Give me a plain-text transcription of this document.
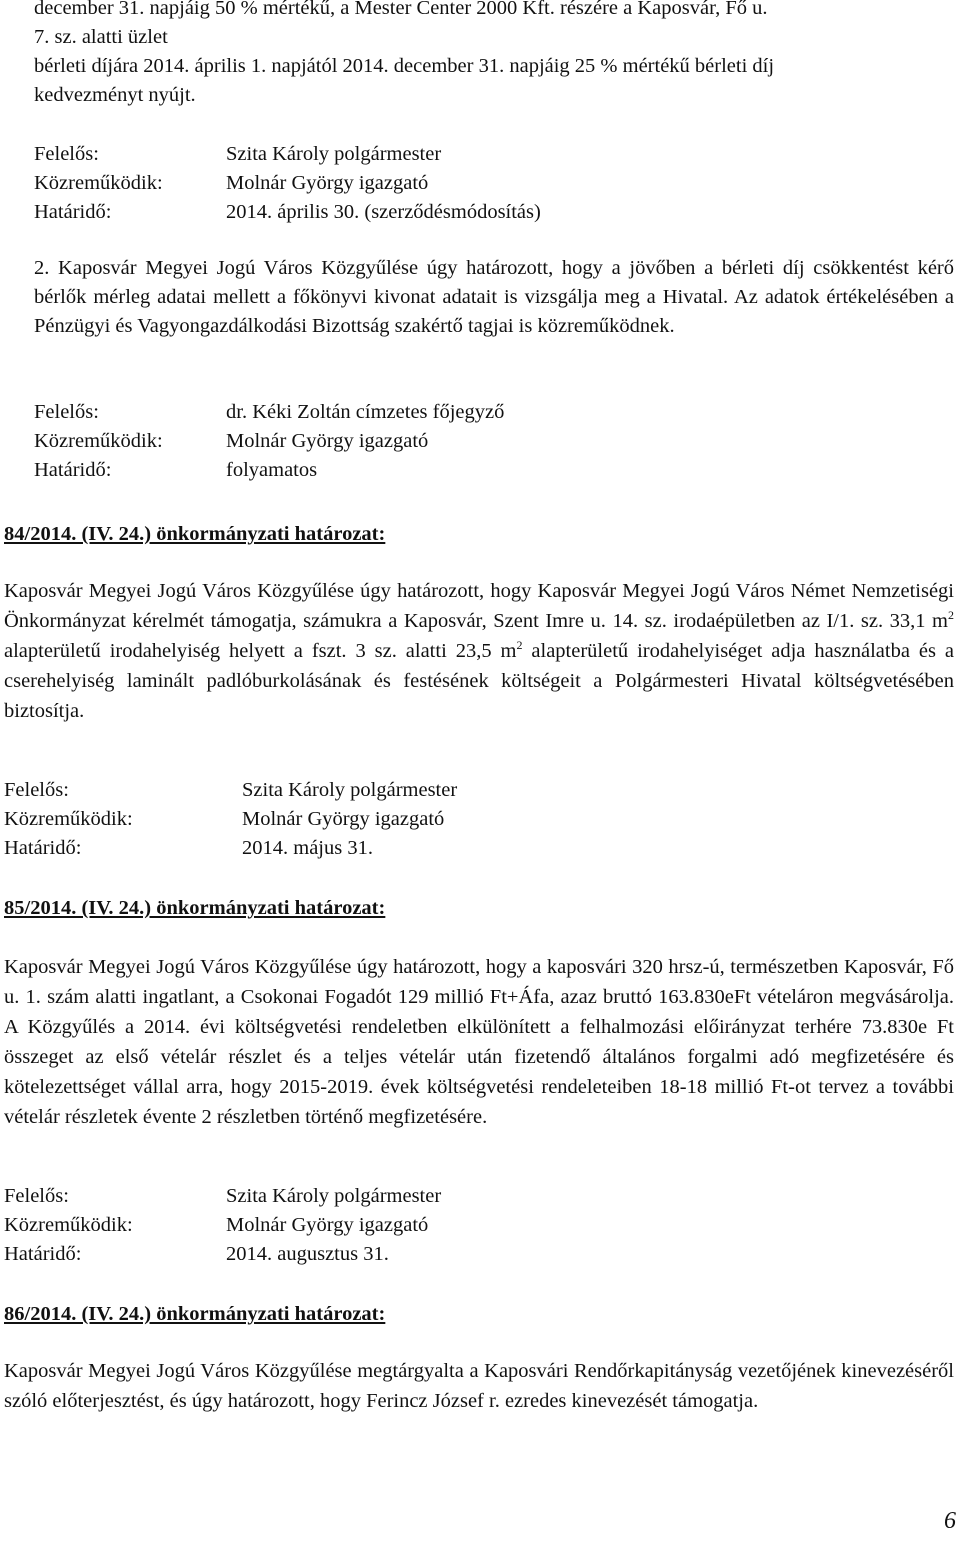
december 31. napjáig 50 % mértékű, a Mester Center 2000 Kft. részére a Kaposvár, Fő u.
7. sz. alatti üzlet
bérleti díjára 2014. április 1. napjától 2014. december 31. napjáig 25 % mértékű bérleti díj
kedvezményt nyújt.
Felelős:	Szita Károly polgármester
Közreműködik:	Molnár György igazgató
Határidő:	2014. április 30. (szerződésmódosítás)

2. Kaposvár Megyei Jogú Város Közgyűlése úgy határozott, hogy a jövőben a bérleti díj csökkentést kérő bérlők mérleg adatai mellett a főkönyvi kivonat adatait is vizsgálja meg a Hivatal. Az adatok értékelésében a Pénzügyi és Vagyongazdálkodási Bizottság szakértő tagjai is közreműködnek.

Felelős:	dr. Kéki Zoltán címzetes főjegyző
Közreműködik:	Molnár György igazgató
Határidő:	folyamatos
84/2014. (IV. 24.) önkormányzati határozat:

Kaposvár Megyei Jogú Város Közgyűlése úgy határozott, hogy Kaposvár Megyei Jogú Város Német Nemzetiségi Önkormányzat kérelmét támogatja, számukra a Kaposvár, Szent Imre u. 14. sz. irodaépületben az I/1. sz. 33,1 $m^2$ alapterületű irodahelyiség helyett a fszt. 3 sz. alatti 23,5 $m^2$ alapterületű irodahelyiséget adja használatba és a cserehelyiség laminált padlóburkolásának és festésének költségeit a Polgármesteri Hivatal költségvetésében biztosítja.

Felelős:	Szita Károly polgármester
Közreműködik:	Molnár György igazgató
Határidő:	2014. május 31.
85/2014. (IV. 24.) önkormányzati határozat:

Kaposvár Megyei Jogú Város Közgyűlése úgy határozott, hogy a kaposvári 320 hrsz-ú, természetben Kaposvár, Fő u. 1. szám alatti ingatlant, a Csokonai Fogadót 129 millió Ft+Áfa, azaz bruttó 163.830eFt vételáron megvásárolja. A Közgyűlés a 2014. évi költségvetési rendeletben elkülönített a felhalmozási előirányzat terhére 73.830e Ft összeget az első vételár részlet és a teljes vételár után fizetendő általános forgalmi adó megfizetésére és kötelezettséget vállal arra, hogy 2015-2019. évek költségvetési rendeleteiben 18-18 millió Ft-ot tervez a további vételár részletek évente 2 részletben történő megfizetésére.

Felelős:	Szita Károly polgármester
Közreműködik:	Molnár György igazgató
Határidő:	2014. augusztus 31.
86/2014. (IV. 24.) önkormányzati határozat:

Kaposvár Megyei Jogú Város Közgyűlése megtárgyalta a Kaposvári Rendőrkapitányság vezetőjének kinevezéséről szóló előterjesztést, és úgy határozott, hogy Ferincz József r. ezredes kinevezését támogatja.

6
